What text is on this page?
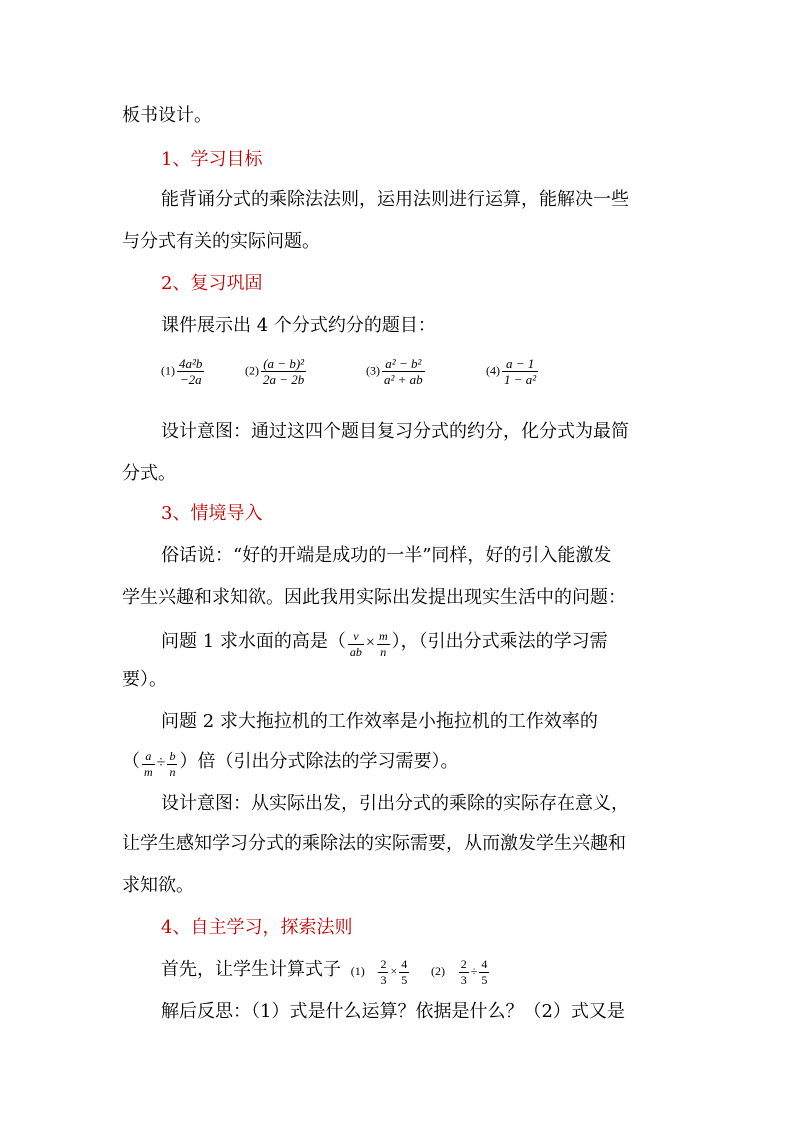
板书设计。
1、学习目标
能背诵分式的乘除法法则，运用法则进行运算，能解决一些
与分式有关的实际问题。
2、复习巩固
课件展示出 4 个分式约分的题目：
$(1) \frac{\text{4a²b}}{-2a}$	$(2) \frac{\text{(a − b)²}}{2a - 2b}$	$(3) \frac{\text{a² − b²}}{\text{a² + ab}}$	$(4) \frac{a - 1}{\text{1 − a²}}$
设计意图：通过这四个题目复习分式的约分，化分式为最简
分式。
3、情境导入
俗话说：“好的开端是成功的一半”同样，好的引入能激发
学生兴趣和求知欲。因此我用实际出发提出现实生活中的问题：
问题 1 求水面的高是（ $\frac{v}{ab} \times \frac{m}{n}$ ），（引出分式乘法的学习需
要）。
问题 2 求大拖拉机的工作效率是小拖拉机的工作效率的
（ $\frac{a}{m} \div \frac{b}{n}$ ）倍（引出分式除法的学习需要）。
设计意图：从实际出发，引出分式的乘除的实际存在意义，
让学生感知学习分式的乘除法的实际需要，从而激发学生兴趣和
求知欲。
4、自主学习，探索法则
首先，让学生计算式子 $(1) \frac{2}{3} \times \frac{4}{5} (2) \frac{2}{3} \div \frac{4}{5}$
解后反思：（1）式是什么运算？依据是什么？（2）式又是
